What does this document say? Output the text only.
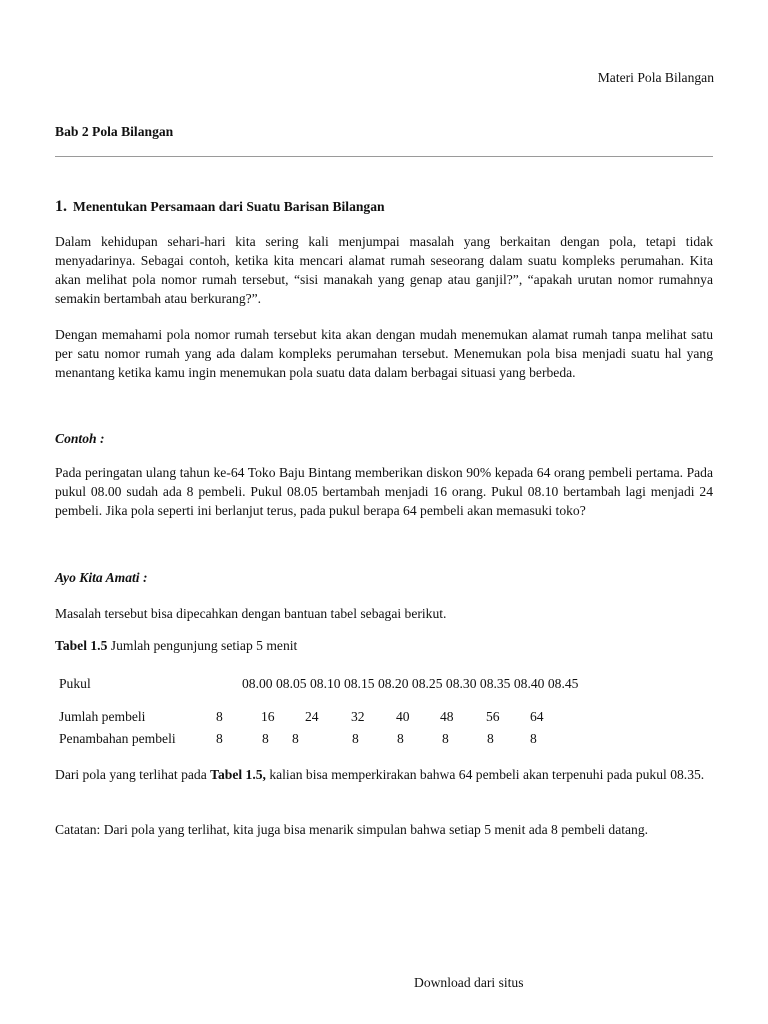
Materi Pola Bilangan
Bab 2 Pola Bilangan
1. Menentukan Persamaan dari Suatu Barisan Bilangan
Dalam kehidupan sehari-hari kita sering kali menjumpai masalah yang berkaitan dengan pola, tetapi tidak menyadarinya. Sebagai contoh, ketika kita mencari alamat rumah seseorang dalam suatu kompleks perumahan. Kita akan melihat pola nomor rumah tersebut, “sisi manakah yang genap atau ganjil?”, “apakah urutan nomor rumahnya semakin bertambah atau berkurang?”.
Dengan memahami pola nomor rumah tersebut kita akan dengan mudah menemukan alamat rumah tanpa melihat satu per satu nomor rumah yang ada dalam kompleks perumahan tersebut. Menemukan pola bisa menjadi suatu hal yang menantang ketika kamu ingin menemukan pola suatu data dalam berbagai situasi yang berbeda.
Contoh :
Pada peringatan ulang tahun ke-64 Toko Baju Bintang memberikan diskon 90% kepada 64 orang pembeli pertama. Pada pukul 08.00 sudah ada 8 pembeli. Pukul 08.05 bertambah menjadi 16 orang. Pukul 08.10 bertambah lagi menjadi 24 pembeli. Jika pola seperti ini berlanjut terus, pada pukul berapa 64 pembeli akan memasuki toko?
Ayo Kita Amati :
Masalah tersebut bisa dipecahkan dengan bantuan tabel sebagai berikut.
Tabel 1.5 Jumlah pengunjung setiap 5 menit
Pukul	08.00 08.05 08.10 08.15 08.20 08.25 08.30 08.35 08.40 08.45
Jumlah pembeli	8	16 24 32 40 48 56 64
Penambahan pembeli	8	8 8	8	8	8	8	8
Dari pola yang terlihat pada Tabel 1.5, kalian bisa memperkirakan bahwa 64 pembeli akan terpenuhi pada pukul 08.35.
Catatan: Dari pola yang terlihat, kita juga bisa menarik simpulan bahwa setiap 5 menit ada 8 pembeli datang.
Download dari situs
